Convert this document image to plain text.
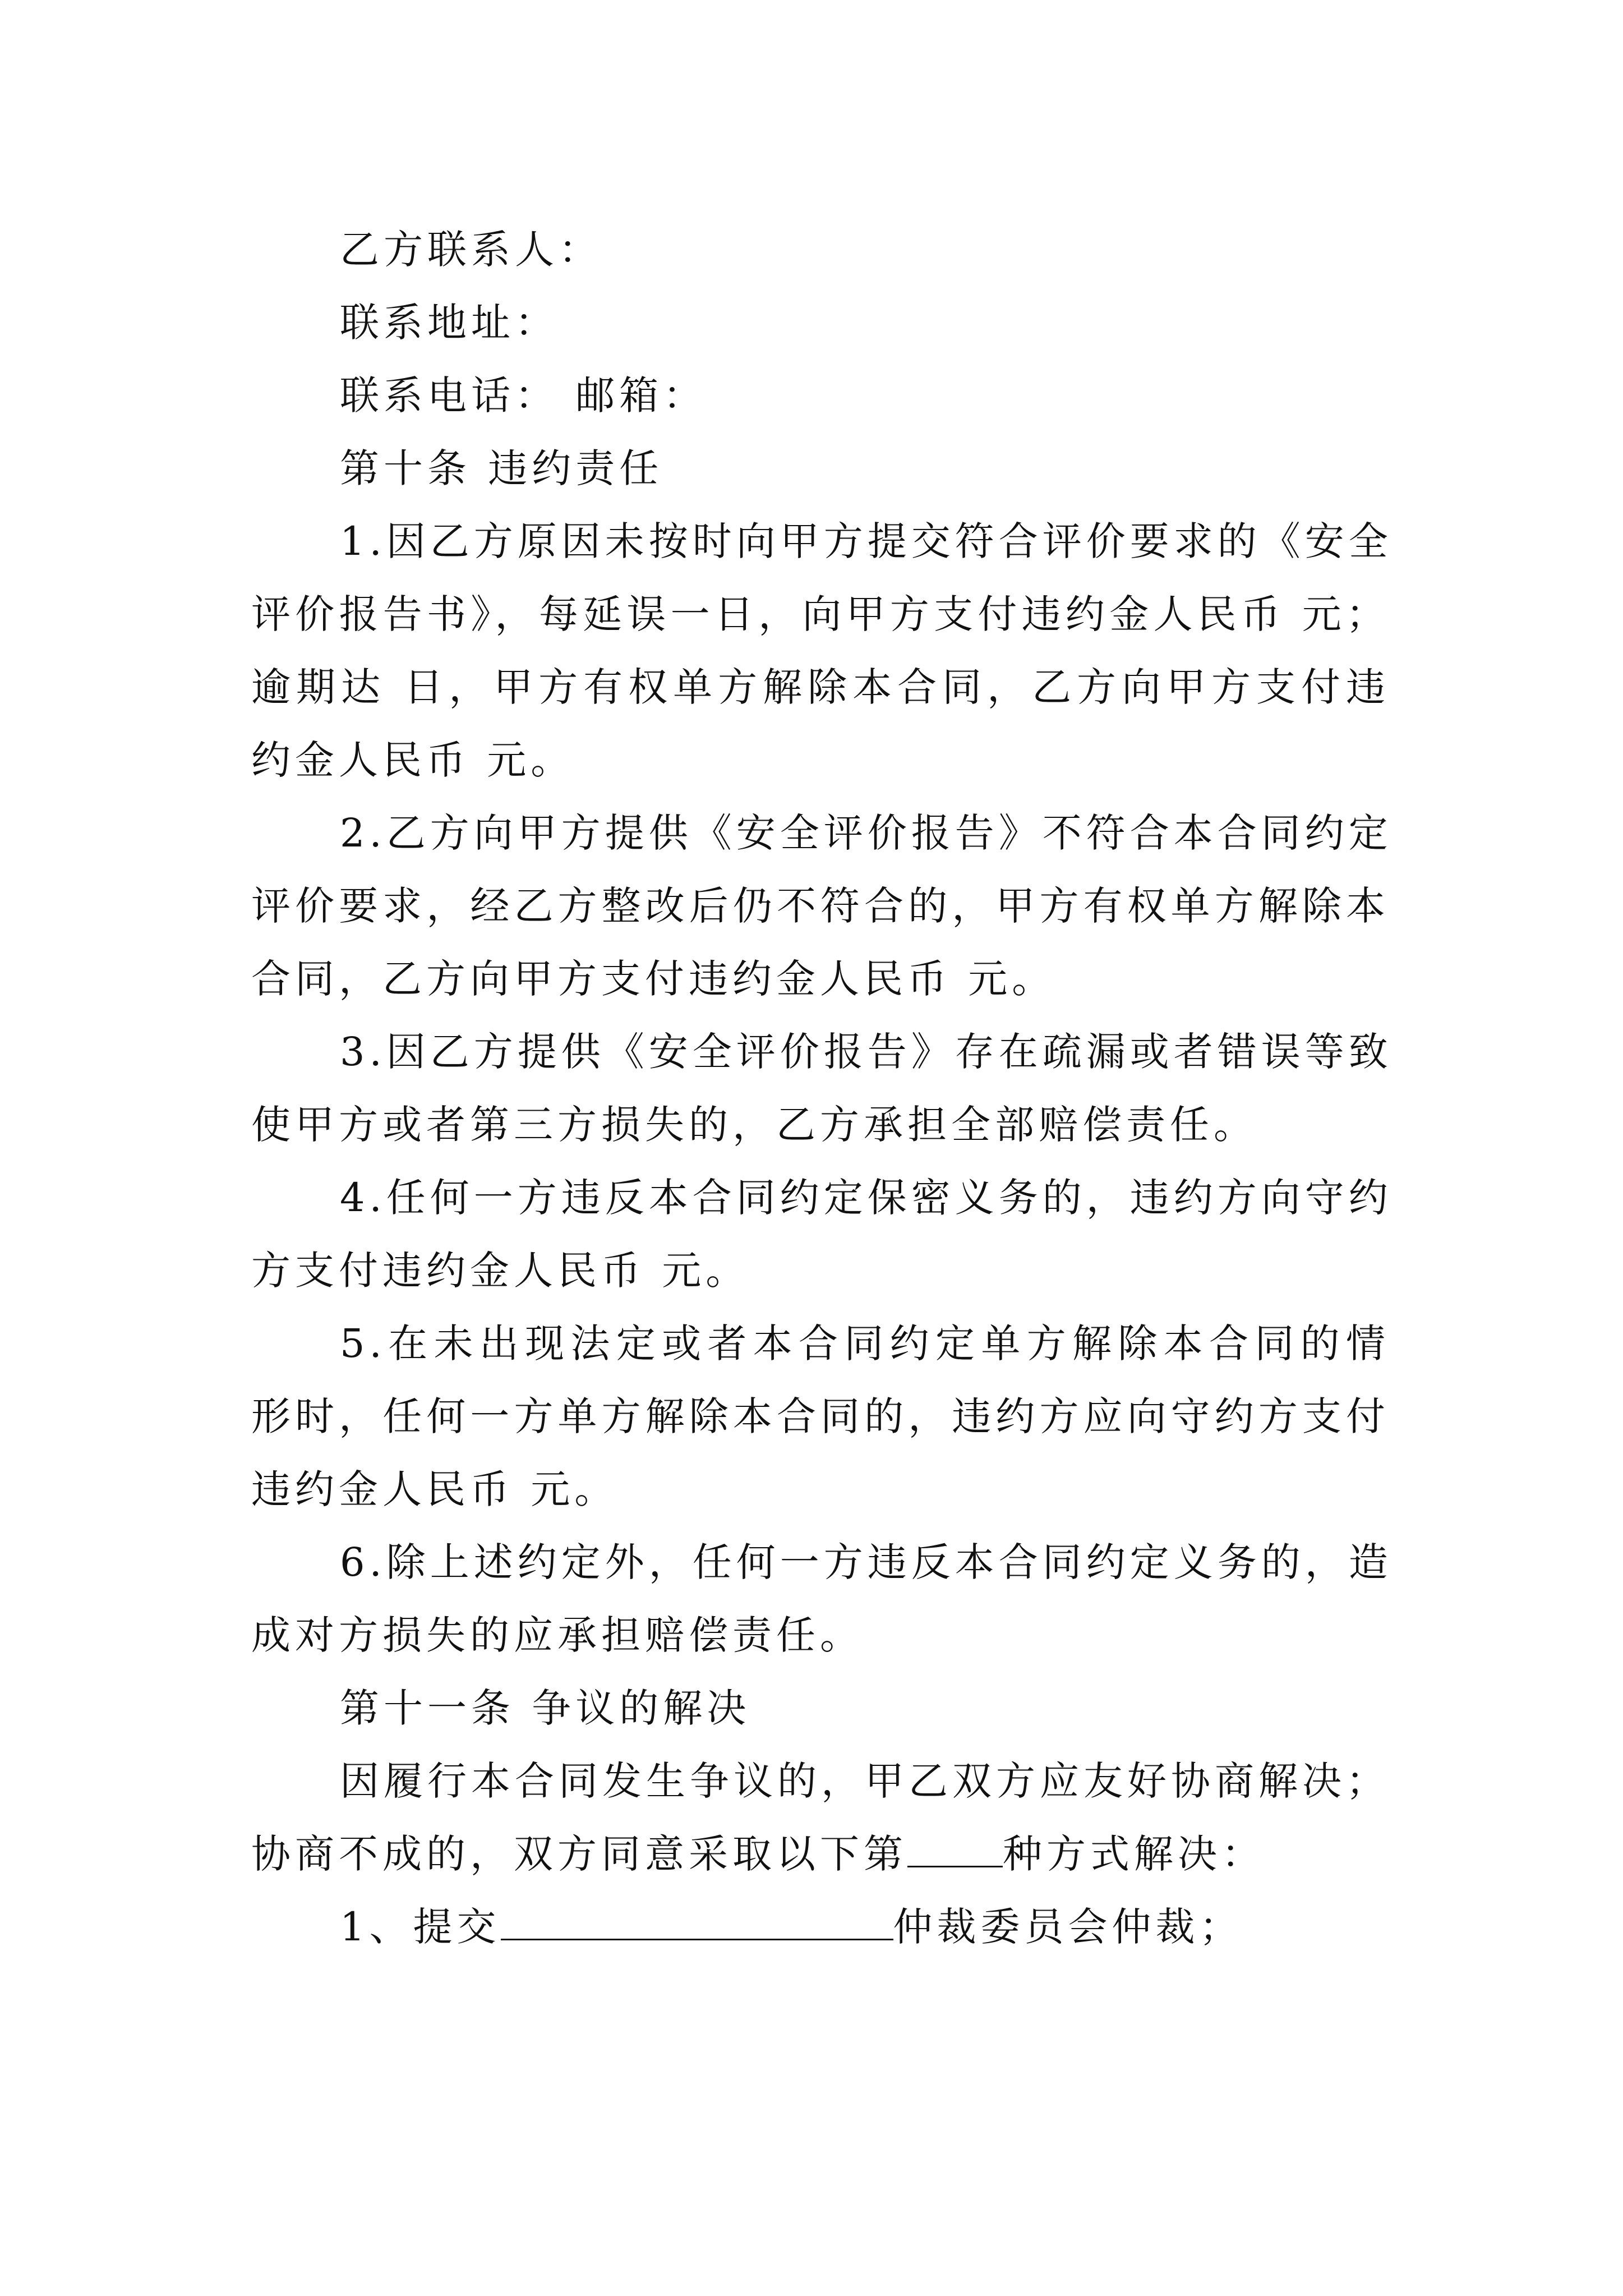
乙方联系人：

联系地址：

联系电话： 邮箱：

第十条 违约责任

1.因乙方原因未按时向甲方提交符合评价要求的《安全
评价报告书》，每延误一日，向甲方支付违约金人民币 元；
逾期达 日，甲方有权单方解除本合同，乙方向甲方支付违
约金人民币 元。
2.乙方向甲方提供《安全评价报告》不符合本合同约定
评价要求，经乙方整改后仍不符合的，甲方有权单方解除本
合同，乙方向甲方支付违约金人民币 元。
3.因乙方提供《安全评价报告》存在疏漏或者错误等致
使甲方或者第三方损失的，乙方承担全部赔偿责任。
4.任何一方违反本合同约定保密义务的，违约方向守约
方支付违约金人民币 元。
5.在未出现法定或者本合同约定单方解除本合同的情
形时，任何一方单方解除本合同的，违约方应向守约方支付
违约金人民币 元。
6.除上述约定外，任何一方违反本合同约定义务的，造
成对方损失的应承担赔偿责任。

第十一条 争议的解决

因履行本合同发生争议的，甲乙双方应友好协商解决；
协商不成的，双方同意采取以下第 种方式解决：

1、提交	仲裁委员会仲裁；
